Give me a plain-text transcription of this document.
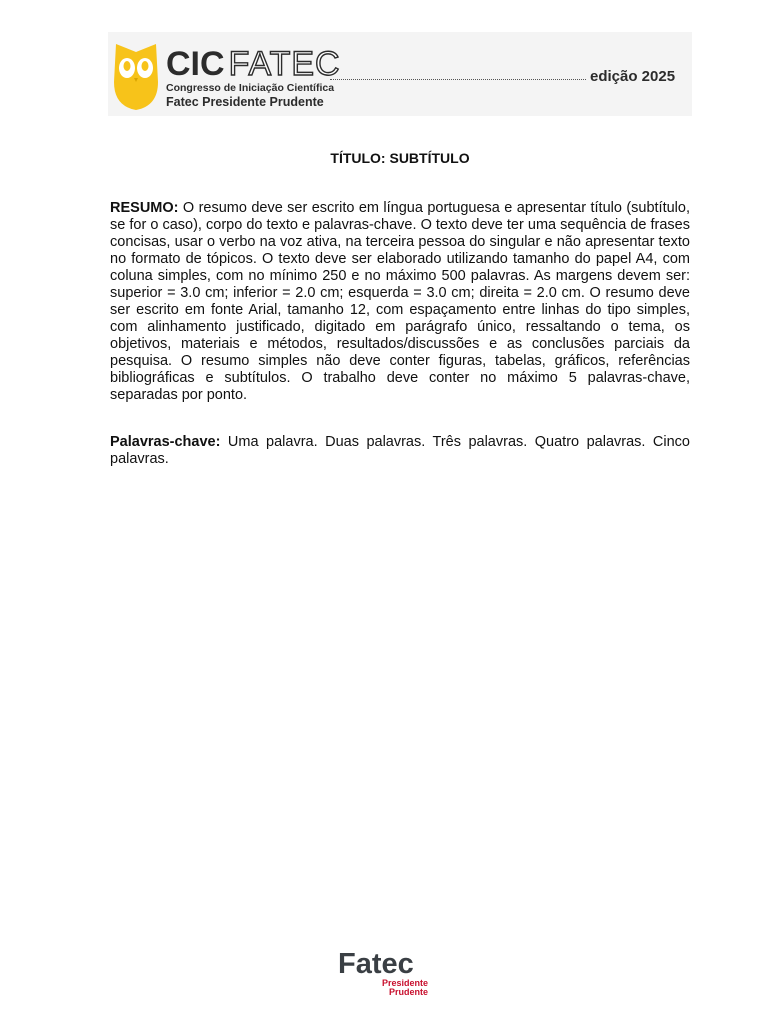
CIC FATEC	edição 2025
Congresso de Iniciação Científica
Fatec Presidente Prudente
TÍTULO: SUBTÍTULO
RESUMO: O resumo deve ser escrito em língua portuguesa e apresentar título (subtítulo, se for o caso), corpo do texto e palavras-chave. O texto deve ter uma sequência de frases concisas, usar o verbo na voz ativa, na terceira pessoa do singular e não apresentar texto no formato de tópicos. O texto deve ser elaborado utilizando tamanho do papel A4, com coluna simples, com no mínimo 250 e no máximo 500 palavras. As margens devem ser: superior = 3.0 cm; inferior = 2.0 cm; esquerda = 3.0 cm; direita = 2.0 cm. O resumo deve ser escrito em fonte Arial, tamanho 12, com espaçamento entre linhas do tipo simples, com alinhamento justificado, digitado em parágrafo único, ressaltando o tema, os objetivos, materiais e métodos, resultados/discussões e as conclusões parciais da pesquisa. O resumo simples não deve conter figuras, tabelas, gráficos, referências bibliográficas e subtítulos. O trabalho deve conter no máximo 5 palavras-chave, separadas por ponto.
Palavras-chave: Uma palavra. Duas palavras. Três palavras. Quatro palavras. Cinco palavras.
Fatec
Presidente
Prudente
